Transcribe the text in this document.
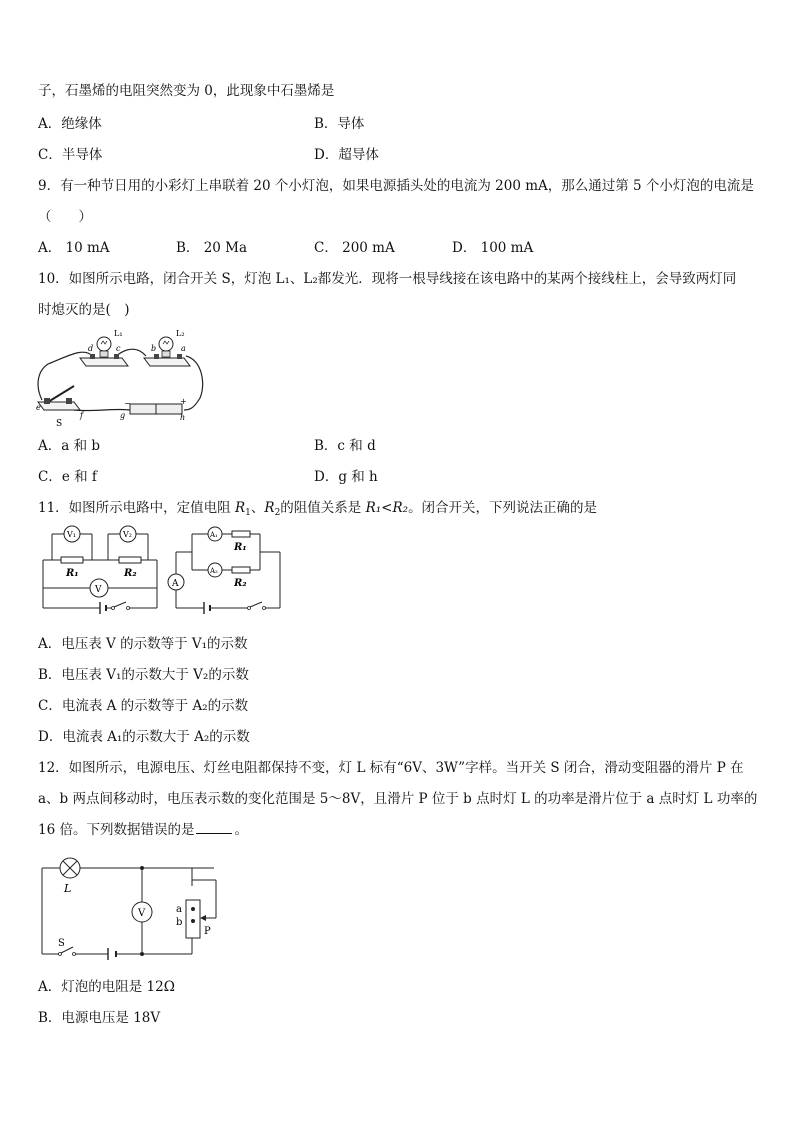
子，石墨烯的电阻突然变为 0，此现象中石墨烯是
A．绝缘体	B．导体
C．半导体	D．超导体
9．有一种节日用的小彩灯上串联着 20 个小灯泡，如果电源插头处的电流为 200 mA，那么通过第 5 个小灯泡的电流是
（　　）
A． 10 mA	B． 20 Ma	C． 200 mA	D． 100 mA
10．如图所示电路，闭合开关 S，灯泡 L₁、L₂都发光．现将一根导线接在该电路中的某两个接线柱上，会导致两灯同
时熄灭的是(　)
L₁	L₂
d	c	b	a
e
f	g	h
S
−	+
A．a 和 b	B．c 和 d
C．e 和 f	D．g 和 h
11．如图所示电路中，定值电阻 $R_1$、$R_2$的阻值关系是 R₁<R₂。闭合开关，下列说法正确的是
V₁	V₂
V
R₁	R₂
A₁
A₂
A
R₁
R₂
A．电压表 V 的示数等于 V₁的示数
B．电压表 V₁的示数大于 V₂的示数
C．电流表 A 的示数等于 A₂的示数
D．电流表 A₁的示数大于 A₂的示数
12．如图所示，电源电压、灯丝电阻都保持不变，灯 L 标有“6V、3W”字样。当开关 S 闭合，滑动变阻器的滑片 P 在
a、b 两点间移动时，电压表示数的变化范围是 5～8V，且滑片 P 位于 b 点时灯 L 的功率是滑片位于 a 点时灯 L 功率的
16 倍。下列数据错误的是	。
L
V	a
b
P
S
A．灯泡的电阻是 12Ω
B．电源电压是 18V
